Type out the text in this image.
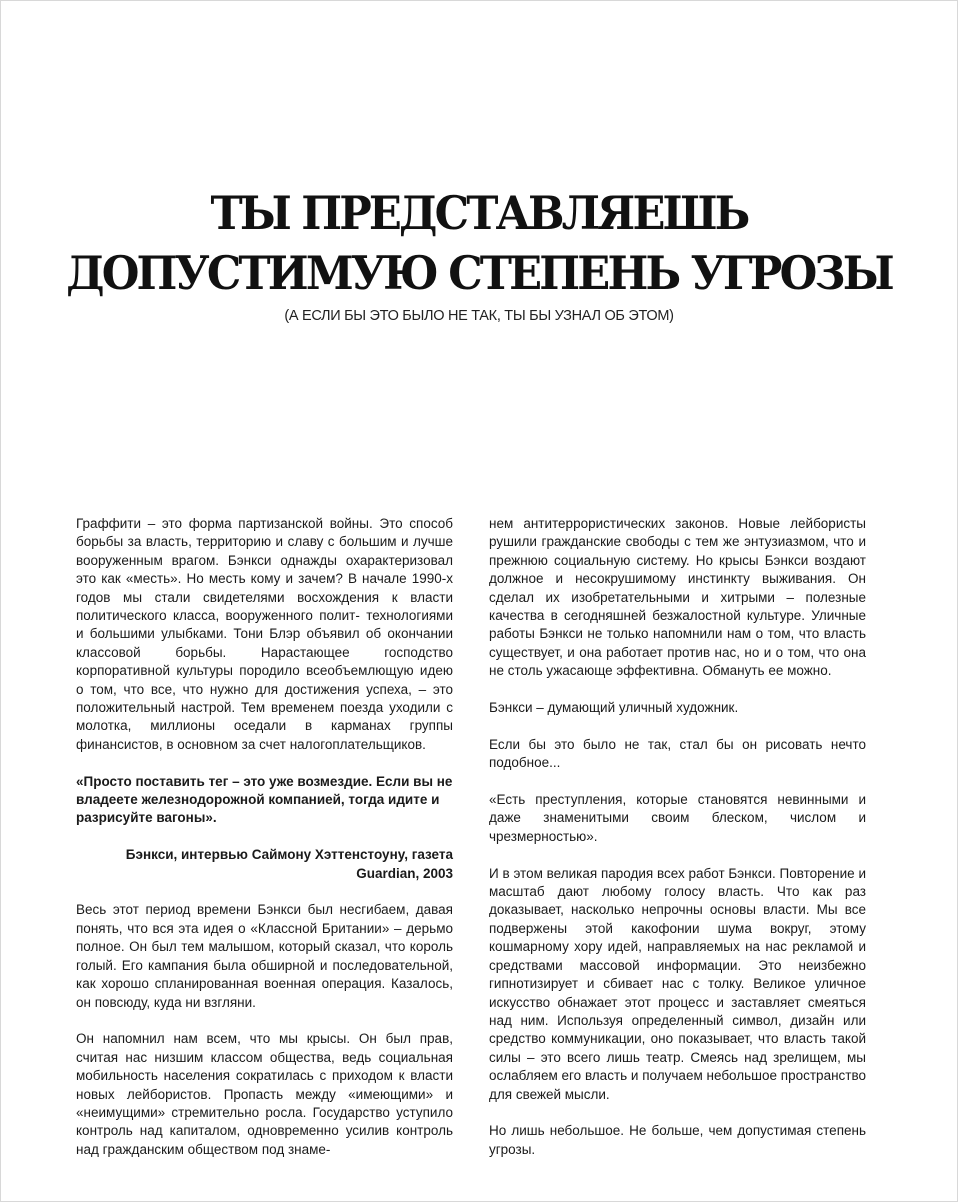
ТЫ ПРЕДСТАВЛЯЕШЬ
ДОПУСТИМУЮ СТЕПЕНЬ УГРОЗЫ
(А ЕСЛИ БЫ ЭТО БЫЛО НЕ ТАК, ТЫ БЫ УЗНАЛ ОБ ЭТОМ)

Граффити – это форма партизанской войны. Это способ борьбы за власть, территорию и славу с большим и лучше вооруженным врагом. Бэнкси однажды охарактеризовал это как «месть». Но месть кому и зачем? В начале 1990-х годов мы стали свидетелями восхождения к власти политического класса, вооруженного полит- технологиями и большими улыбками. Тони Блэр объявил об окончании классовой борьбы. Нарастающее господство корпоративной культуры породило всеобъемлющую идею о том, что все, что нужно для достижения успеха, – это положительный настрой. Тем временем поезда уходили с молотка, миллионы оседали в карманах группы финансистов, в основном за счет налогоплательщиков.

«Просто поставить тег – это уже возмездие. Если вы не владеете железнодорожной компанией, тогда идите и разрисуйте вагоны».

Бэнкси, интервью Саймону Хэттенстоуну, газета Guardian, 2003

Весь этот период времени Бэнкси был несгибаем, давая понять, что вся эта идея о «Классной Британии» – дерьмо полное. Он был тем малышом, который сказал, что король голый. Его кампания была обширной и последовательной, как хорошо спланированная военная операция. Казалось, он повсюду, куда ни взгляни.

Он напомнил нам всем, что мы крысы. Он был прав, считая нас низшим классом общества, ведь социальная мобильность населения сократилась с приходом к власти новых лейбористов. Пропасть между «имеющими» и «неимущими» стремительно росла. Государство уступило контроль над капиталом, одновременно усилив контроль над гражданским обществом под знаме-

нем антитеррористических законов. Новые лейбористы рушили гражданские свободы с тем же энтузиазмом, что и прежнюю социальную систему. Но крысы Бэнкси воздают должное и несокрушимому инстинкту выживания. Он сделал их изобретательными и хитрыми – полезные качества в сегодняшней безжалостной культуре. Уличные работы Бэнкси не только напомнили нам о том, что власть существует, и она работает против нас, но и о том, что она не столь ужасающе эффективна. Обмануть ее можно.

Бэнкси – думающий уличный художник.

Если бы это было не так, стал бы он рисовать нечто подобное...

«Есть преступления, которые становятся невинными и даже знаменитыми своим блеском, числом и чрезмерностью».

И в этом великая пародия всех работ Бэнкси. Повторение и масштаб дают любому голосу власть. Что как раз доказывает, насколько непрочны основы власти. Мы все подвержены этой какофонии шума вокруг, этому кошмарному хору идей, направляемых на нас рекламой и средствами массовой информации. Это неизбежно гипнотизирует и сбивает нас с толку. Великое уличное искусство обнажает этот процесс и заставляет смеяться над ним. Используя определенный символ, дизайн или средство коммуникации, оно показывает, что власть такой силы – это всего лишь театр. Смеясь над зрелищем, мы ослабляем его власть и получаем небольшое пространство для свежей мысли.

Но лишь небольшое. Не больше, чем допустимая степень угрозы.
